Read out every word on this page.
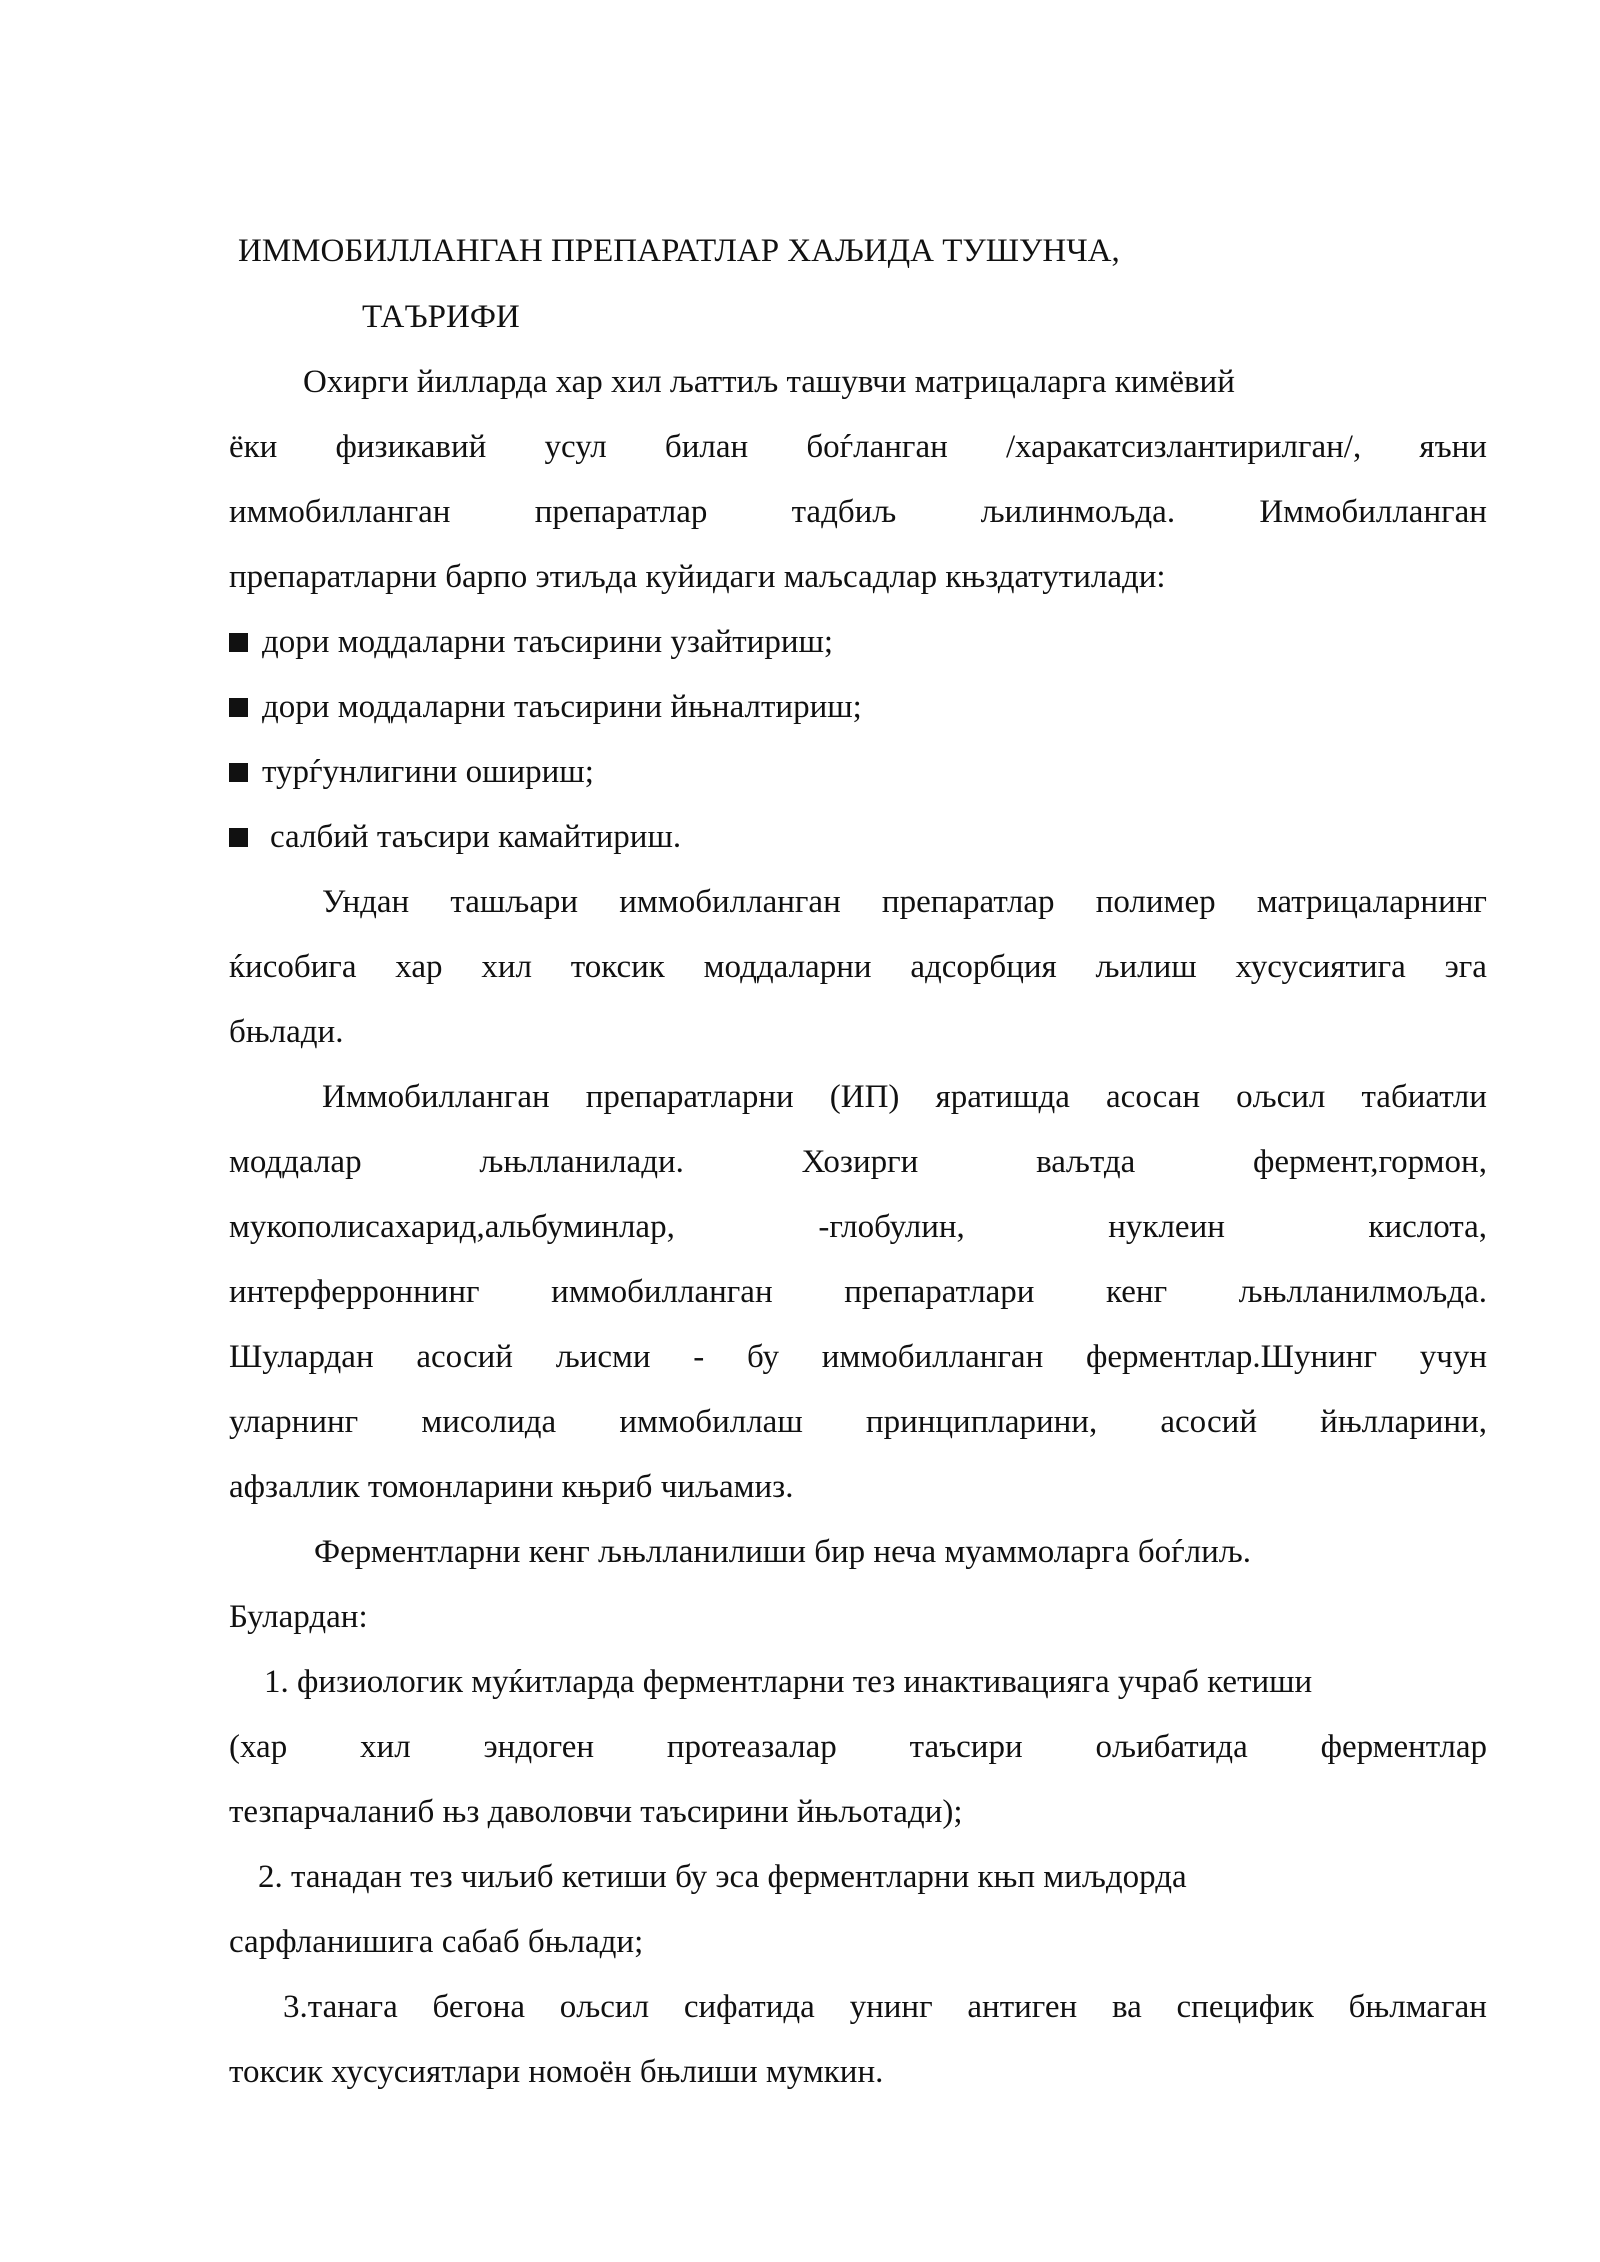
ИММОБИЛЛАНГАН ПРЕПАРАТЛАР ХАЉИДА ТУШУНЧА,
ТАЪРИФИ
Охирги йилларда хар хил љаттиљ ташувчи матрицаларга кимёвий
ёки физикавий усул билан боѓланган /харакатсизлантирилган/, яъни
иммобилланган	препаратлар	тадбиљ	љилинмољда.	Иммобилланган
препаратларни барпо этиљда куйидаги маљсадлар књздатутилади:
дори моддаларни таъсирини узайтириш;
дори моддаларни таъсирини йњналтириш;
турѓунлигини ошириш;
салбий таъсири камайтириш.
Ундан ташљари иммобилланган препаратлар полимер матрицаларнинг
ќисобига хар хил токсик моддаларни адсорбция љилиш хусусиятига эга
бњлади.
Иммобилланган препаратларни (ИП) яратишда асосан ољсил табиатли
моддалар	љњлланилади.	Хозирги	ваљтда	фермент,гормон,
мукополисахарид,альбуминлар,	-глобулин,	нуклеин	кислота,
интерферроннинг иммобилланган препаратлари кенг љњлланилмољда.
Шулардан асосий љисми - бу иммобилланган ферментлар.Шунинг учун
уларнинг мисолида иммобиллаш принципларини, асосий йњлларини,
афзаллик томонларини књриб чиљамиз.
Ферментларни кенг љњлланилиши бир неча муаммоларга боѓлиљ.
Булардан:
1. физиологик муќитларда ферментларни тез инактивацияга учраб кетиши
(хар хил эндоген протеазалар таъсири ољибатида ферментлар
тезпарчаланиб њз даволовчи таъсирини йњљотади);
2. танадан тез чиљиб кетиши бу эса ферментларни књп миљдорда
сарфланишига сабаб бњлади;
3.танага бегона ољсил сифатида унинг антиген ва специфик бњлмаган
токсик хусусиятлари номоён бњлиши мумкин.
